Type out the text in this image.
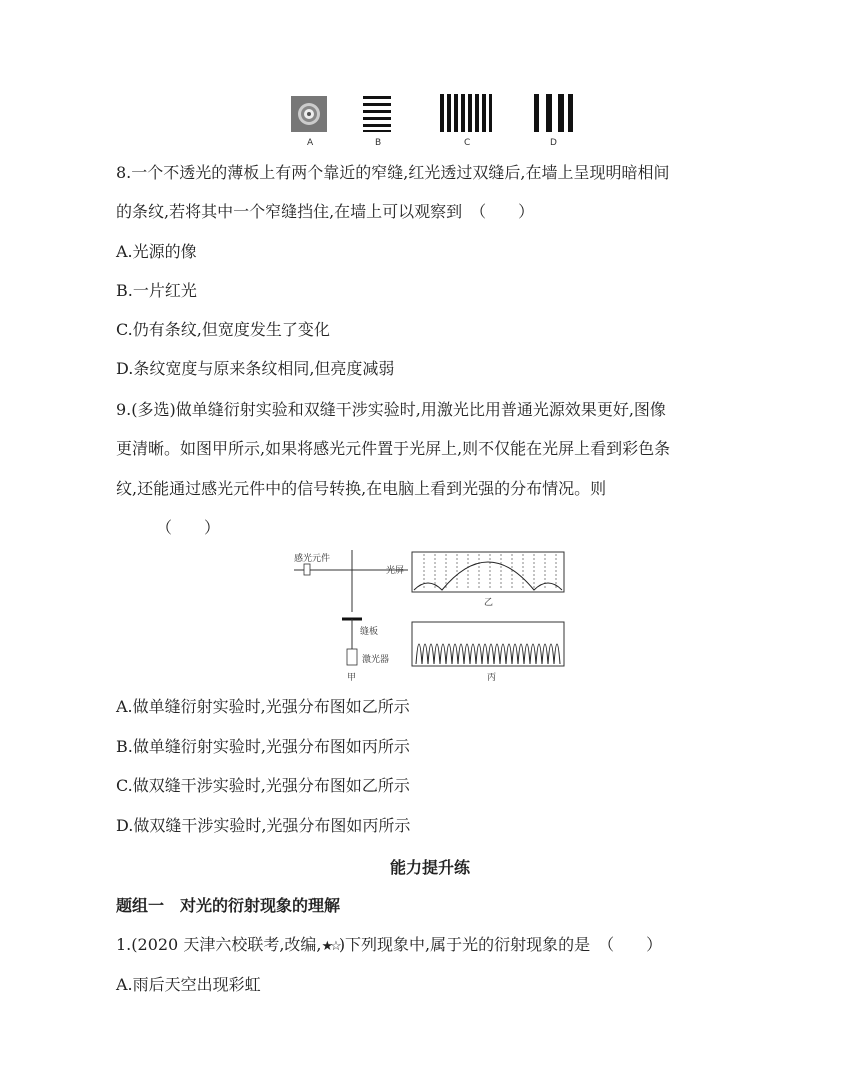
A	B	C	D
8.一个不透光的薄板上有两个靠近的窄缝,红光透过双缝后,在墙上呈现明暗相间
的条纹,若将其中一个窄缝挡住,在墙上可以观察到　（　　）
A.光源的像
B.一片红光
C.仍有条纹,但宽度发生了变化
D.条纹宽度与原来条纹相同,但亮度减弱
9.(多选)做单缝衍射实验和双缝干涉实验时,用激光比用普通光源效果更好,图像
更清晰。如图甲所示,如果将感光元件置于光屏上,则不仅能在光屏上看到彩色条
纹,还能通过感光元件中的信号转换,在电脑上看到光强的分布情况。则
（　　）
感光元件
光屏
缝板
激光器
甲
乙
丙
A.做单缝衍射实验时,光强分布图如乙所示
B.做单缝衍射实验时,光强分布图如丙所示
C.做双缝干涉实验时,光强分布图如乙所示
D.做双缝干涉实验时,光强分布图如丙所示
能力提升练
题组一　对光的衍射现象的理解
1.(2020 天津六校联考,改编,★☆)下列现象中,属于光的衍射现象的是　（　　）
A.雨后天空出现彩虹
